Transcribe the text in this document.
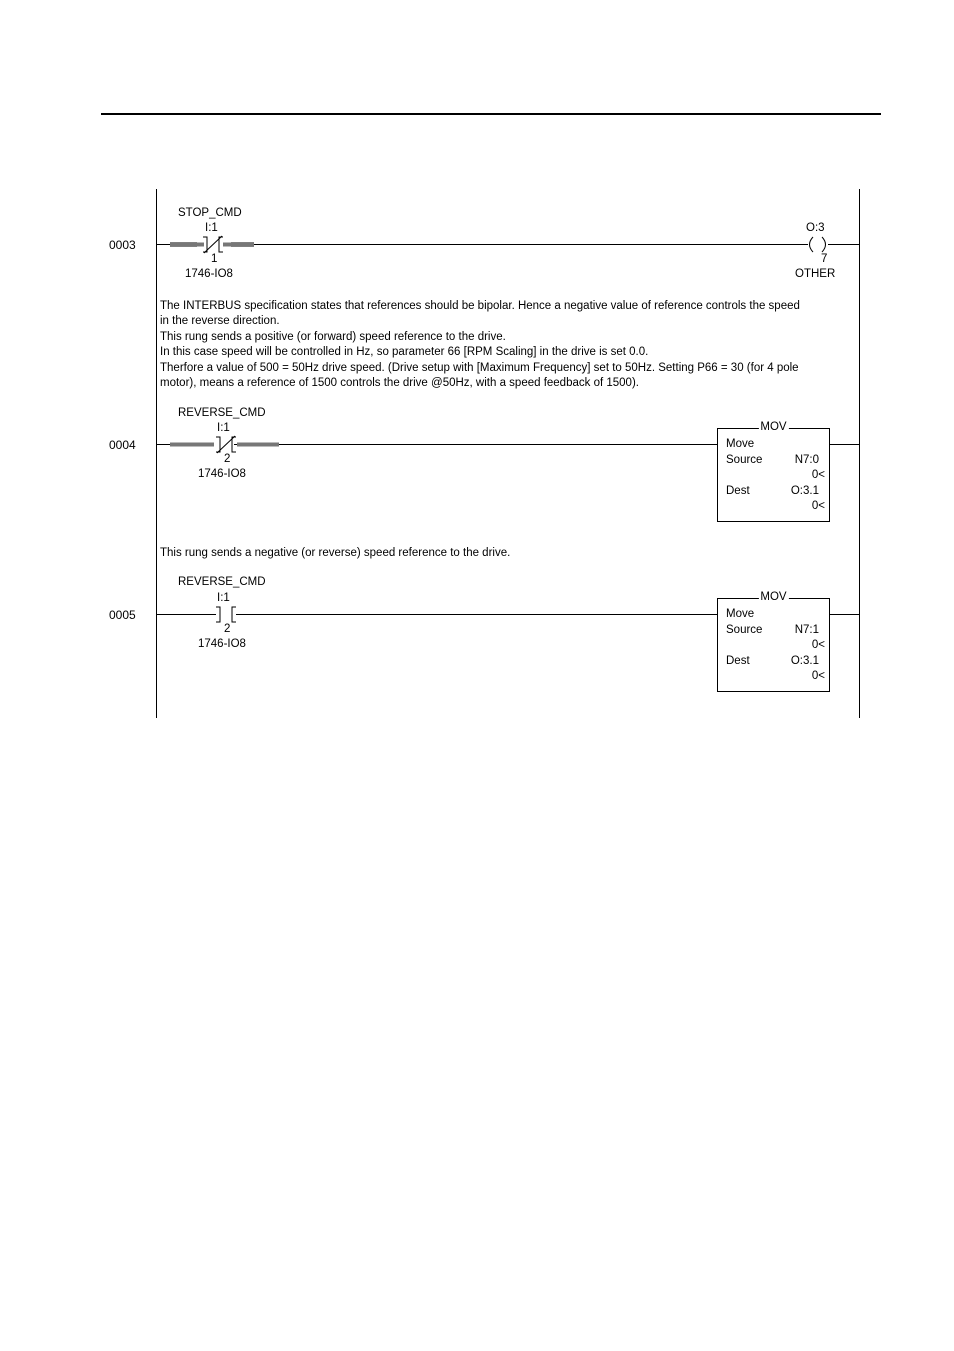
0003
STOP_CMD
I:1
1
1746-IO8
O:3
7
OTHER
The INTERBUS specification states that references should be bipolar. Hence a negative value of reference controls the speed
in the reverse direction.
This rung sends a positive (or forward) speed reference to the drive.
In this case speed will be controlled in Hz, so parameter 66 [RPM Scaling] in the drive is set 0.0.
Therfore a value of 500 = 50Hz drive speed. (Drive setup with [Maximum Frequency] set to 50Hz. Setting P66 = 30 (for 4 pole
motor), means a reference of 1500 controls the drive @50Hz, with a speed feedback of 1500).
0004
REVERSE_CMD
I:1
2
1746-IO8
MOV
Move
Source	N7:0
0<
Dest	O:3.1
0<
This rung sends a negative (or reverse) speed reference to the drive.
0005
REVERSE_CMD
I:1
2
1746-IO8
MOV
Move
Source	N7:1
0<
Dest	O:3.1
0<
